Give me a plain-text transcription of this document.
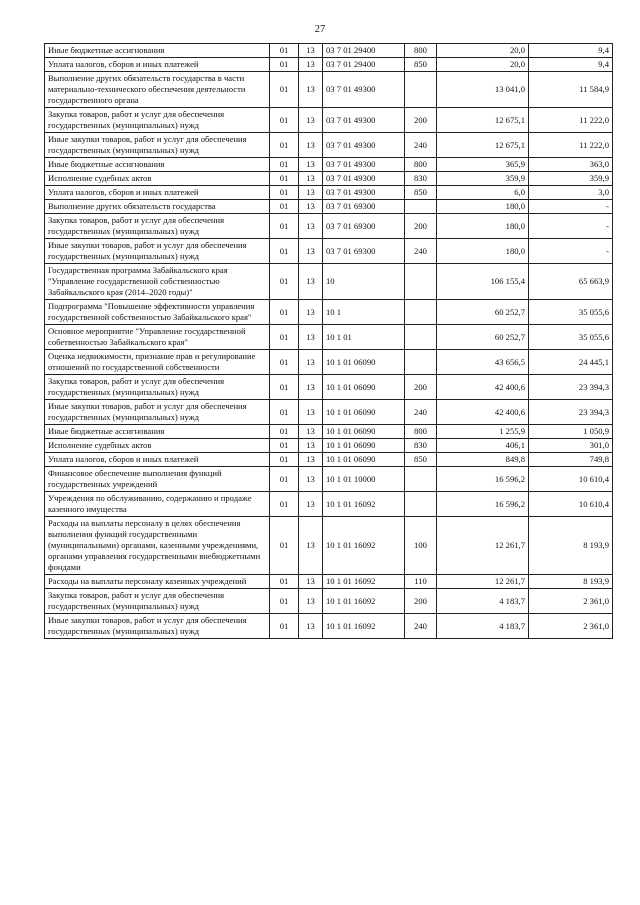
27
Иные бюджетные ассигнования	01	13	03 7 01 29400	800	20,0	9,4
Уплата налогов, сборов и иных платежей	01	13	03 7 01 29400	850	20,0	9,4
Выполнение других обязательств государства в части материально-технического обеспечения деятельности государственного органа	01	13	03 7 01 49300		13 041,0	11 584,9
Закупка товаров, работ и услуг для обеспечения государственных (муниципальных) нужд	01	13	03 7 01 49300	200	12 675,1	11 222,0
Иные закупки товаров, работ и услуг для обеспечения государственных (муниципальных) нужд	01	13	03 7 01 49300	240	12 675,1	11 222,0
Иные бюджетные ассигнования	01	13	03 7 01 49300	800	365,9	363,0
Исполнение судебных актов	01	13	03 7 01 49300	830	359,9	359,9
Уплата налогов, сборов и иных платежей	01	13	03 7 01 49300	850	6,0	3,0
Выполнение других обязательств государства	01	13	03 7 01 69300		180,0	-
Закупка товаров, работ и услуг для обеспечения государственных (муниципальных) нужд	01	13	03 7 01 69300	200	180,0	-
Иные закупки товаров, работ и услуг для обеспечения государственных (муниципальных) нужд	01	13	03 7 01 69300	240	180,0	-
Государственная программа Забайкальского края "Управление государственной собственностью Забайкальского края (2014–2020 годы)"	01	13	10		106 155,4	65 663,9
Подпрограмма "Повышение эффективности управления государственной собственностью Забайкальского края"	01	13	10 1		60 252,7	35 055,6
Основное мероприятие "Управление государственной собетвенностью Забайкальского края"	01	13	10 1 01		60 252,7	35 055,6
Оценка недвижимости, признание прав и регулирование отношений по государственной собственности	01	13	10 1 01 06090		43 656,5	24 445,1
Закупка товаров, работ и услуг для обеспечения государственных (муниципальных) нужд	01	13	10 1 01 06090	200	42 400,6	23 394,3
Иные закупки товаров, работ и услуг для обеспечения государственных (муниципальных) нужд	01	13	10 1 01 06090	240	42 400,6	23 394,3
Иные бюджетные ассигнования	01	13	10 1 01 06090	800	1 255,9	1 050,9
Исполнение судебных актов	01	13	10 1 01 06090	830	406,1	301,0
Уплата налогов, сборов и иных платежей	01	13	10 1 01 06090	850	849,8	749,8
Финансовое обеспечение выполнения функций государственных учреждений	01	13	10 1 01 10000		16 596,2	10 610,4
Учреждения по обслуживанию, содержанию и продаже казенного имущества	01	13	10 1 01 16092		16 596,2	10 610,4
Расходы на выплаты персоналу в целях обеспечения выполнения функций государственными (муниципальными) органами, казенными учреждениями, органами управления государственными внебюджетными фондами	01	13	10 1 01 16092	100	12 261,7	8 193,9
Расходы на выплаты персоналу казенных учреждений	01	13	10 1 01 16092	110	12 261,7	8 193,9
Закупка товаров, работ и услуг для обеспечения государственных (муниципальных) нужд	01	13	10 1 01 16092	200	4 183,7	2 361,0
Иные закупки товаров, работ и услуг для обеспечения государственных (муниципальных) нужд	01	13	10 1 01 16092	240	4 183,7	2 361,0
